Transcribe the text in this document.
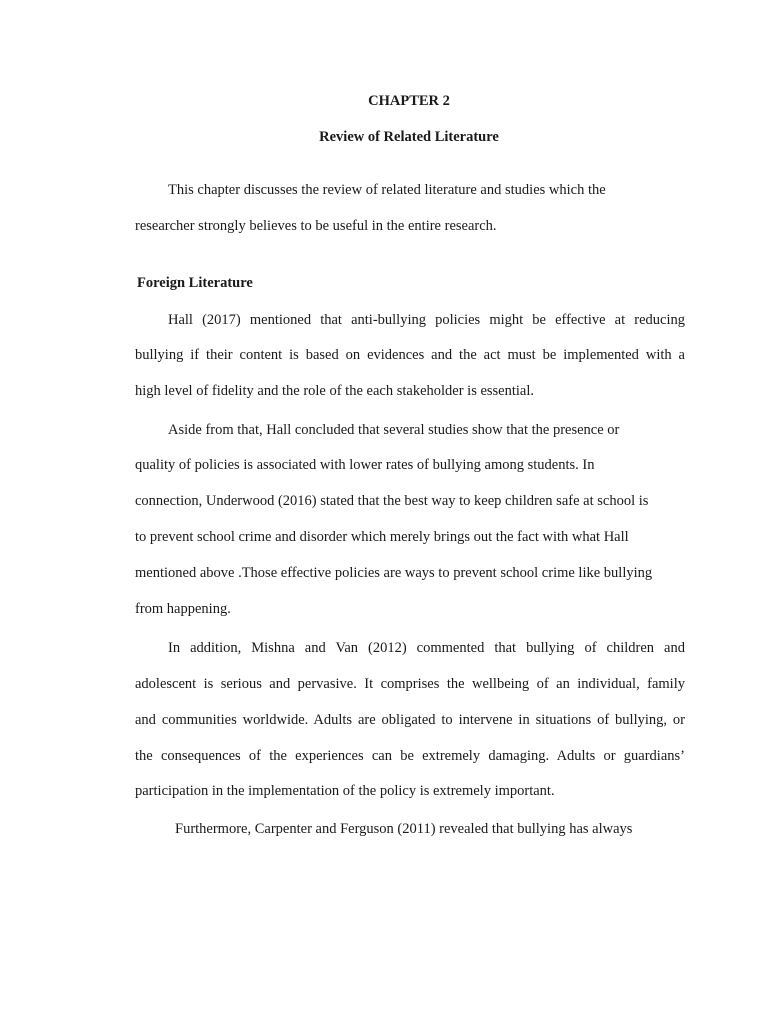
CHAPTER 2
Review of Related Literature
This chapter discusses the review of related literature and studies which the
researcher strongly believes to be useful in the entire research.
Foreign Literature
Hall (2017) mentioned that anti-bullying policies might be effective at reducing
bullying if their content is based on evidences and the act must be implemented with a
high level of fidelity and the role of the each stakeholder is essential.
Aside from that, Hall concluded that several studies show that the presence or
quality of policies is associated with lower rates of bullying among students. In
connection, Underwood (2016) stated that the best way to keep children safe at school is
to prevent school crime and disorder which merely brings out the fact with what Hall
mentioned above .Those effective policies are ways to prevent school crime like bullying
from happening.
In addition, Mishna and Van (2012) commented that bullying of children and
adolescent is serious and pervasive. It comprises the wellbeing of an individual, family
and communities worldwide. Adults are obligated to intervene in situations of bullying, or
the consequences of the experiences can be extremely damaging. Adults or guardians’
participation in the implementation of the policy is extremely important.
Furthermore, Carpenter and Ferguson (2011) revealed that bullying has always
